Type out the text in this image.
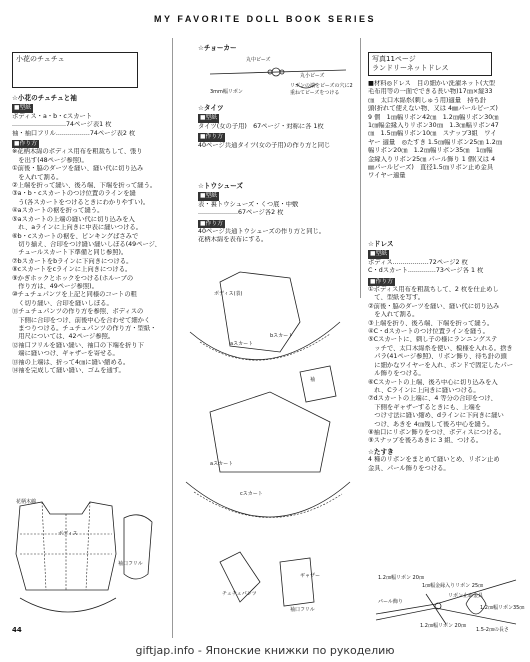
MY FAVORITE DOLL BOOK SERIES
小花のチュチュ
☆小花のチュチュと袖
■型紙
ボディス・a・b・cスカート
...........................74ページ表1 枚
袖・袖口フリル.................74ページ表2 枚
■作り方
※花柄木綿のボディス用布を粗裁ちして、張り
　を出す(48ページ参照)。
①前後・脇のダーツを縫い、縫い代に切り込み
　を入れて割る。
②上端を折って縫い、後ろ端、下端を折って縫う。
③a・b・cスカートのつけ位置のラインを縫
　う(各スカートをつけるときにわかりやすい)。
④aスカートの裾を折って縫う。
⑤aスカートの上端の縫い代に切り込みを入
　れ、aラインに上向きに中表に縫いつける。
⑥b・cスカートの裾を、ピンキングばさみで
　切り揃え、合印をつけ縫い縫いしぼる(49ページ、
　チュールスカート下準備と同じ参照)。
⑦bスカートをbラインに下向きにつける。
⑧cスカートをcラインに上向きにつける。
⑨かぎホックとホックをつける(ホルーブの
　作り方は、49ページ参照)。
⑩チュチュパンツを上記と同様のコートの粗
　く切り縫い、合印を縫いしぼる。
⑪チュチュパンツの作り方を参照、ボディスの
　下側に合印をつけ、前後中心を合わせて細かく
　まつりつける。チュチュパンツの作り方・型紙・
　用尺については、42ページ参照。
⑫袖口フリルを縫い縫い、袖口の下端を折り下
　端に縫いつけ、ギャザーを寄せる。
⑬袖の上端は、折って4㎝に縫い縮める。
⑭袖を完成して縫い縫い、ゴムを通す。
花柄木綿
ボディス
袖口フリル
☆チョーカー
丸中ビーズ
丸小ビーズ
3mm幅リボン
リボンの端をビーズの穴に2
重ねてビーズをつける
☆タイツ
■型紙
タイツ(女の子用)　67ページ・対称に各 1枚
■作り方
40ページ共通タイツ(女の子用)の作り方と同じ
☆トウシューズ
■型紙
表・裏トウシューズ・くつ底・中敷
....................67ページ各2 枚
■作り方
40ページ共通トウシューズの作り方と同じ。
花柄木綿を表布にする。
ボディス(表)
aスカート
bスカート
cスカート
aスカート
袖
チュチュパンツ
袖口フリル
ギャザー
写真11ページ
ランドリーネットドレス
■材料◎ドレス　目の細かい洗濯ネット(大型
毛布用等の一面でできる長い物)17㎝×縦33
㎝　太口木綿糸(刺しゅう用)適量　持ち針
頭(折れて使えない物、又は 4㎜パールビーズ)
9 個　1㎝幅リボン42㎝　1.2㎝幅リボン30㎝
1㎝幅金縁入りリボン30㎝　1.3㎝幅リボン47
㎝　1.5㎝幅リボン10㎝　スナップ3組　ワイ
ヤー 適量　◎たすき 1.5㎝幅リボン25㎝ 1.2㎝
幅リボン20㎝　1.2㎝幅リボン35㎝　1㎝幅
金縁入りリボン25㎝ パール飾り 1 個(又は 4
㎜パールビーズ)　直径1.5㎝リボン止め金具
ワイヤー適量
☆ドレス
■型紙
ボディス..................72ページ2 枚
C・dスカート..............73ページ各 1 枚
■作り方
①ボディス用布を粗裁ちして、2 枚を仕止めし
　て、型紙を写す。
②前後・脇のダーツを縫い、縫い代に切り込み
　を入れて割る。
③上端を折り、後ろ端、下端を折って縫う。
④C・dスカートのつけ位置ラインを縫う。
⑤Cスカートに、刺し子の様にランニングステ
　ッチで、太口木綿糸を使い、模様を入れる。捨き
　パラ(41ページ参照)、リボン飾り、待ち針の頭
　に細かなワイヤーを入れ、ボンドで固定したパー
　ル飾りをつける。
⑥Cスカートの上端、後ろ中心に切り込みを入
　れ、Cラインに上向きに縫いつける。
⑦dスカートの上端に、4 等分の合印をつけ、
　下側をギャザーするときにも、上端を
　つけ寸法に縫い縮め、dラインに下向きに縫い
　つけ、あきを 4㎝残して後ろ中心を縫う。
⑧袖口にリボン飾りをつけ、ボディスにつける。
⑨スナップを後ろあきに 3 組、つける。
☆たすき
4 種のリボンをまとめて縫いとめ、リボン止め
金具、パール飾りをつける。
1.2㎝幅リボン 20㎝
1㎝幅金縁入りリボン 25㎝
リボン止め金具
パール飾り
1.5-2㎝の長さ
1.2㎝幅リボン35㎝
1.2㎝幅リボン 20㎝
44
giftjap.info - Японские книжки по рукоделию
